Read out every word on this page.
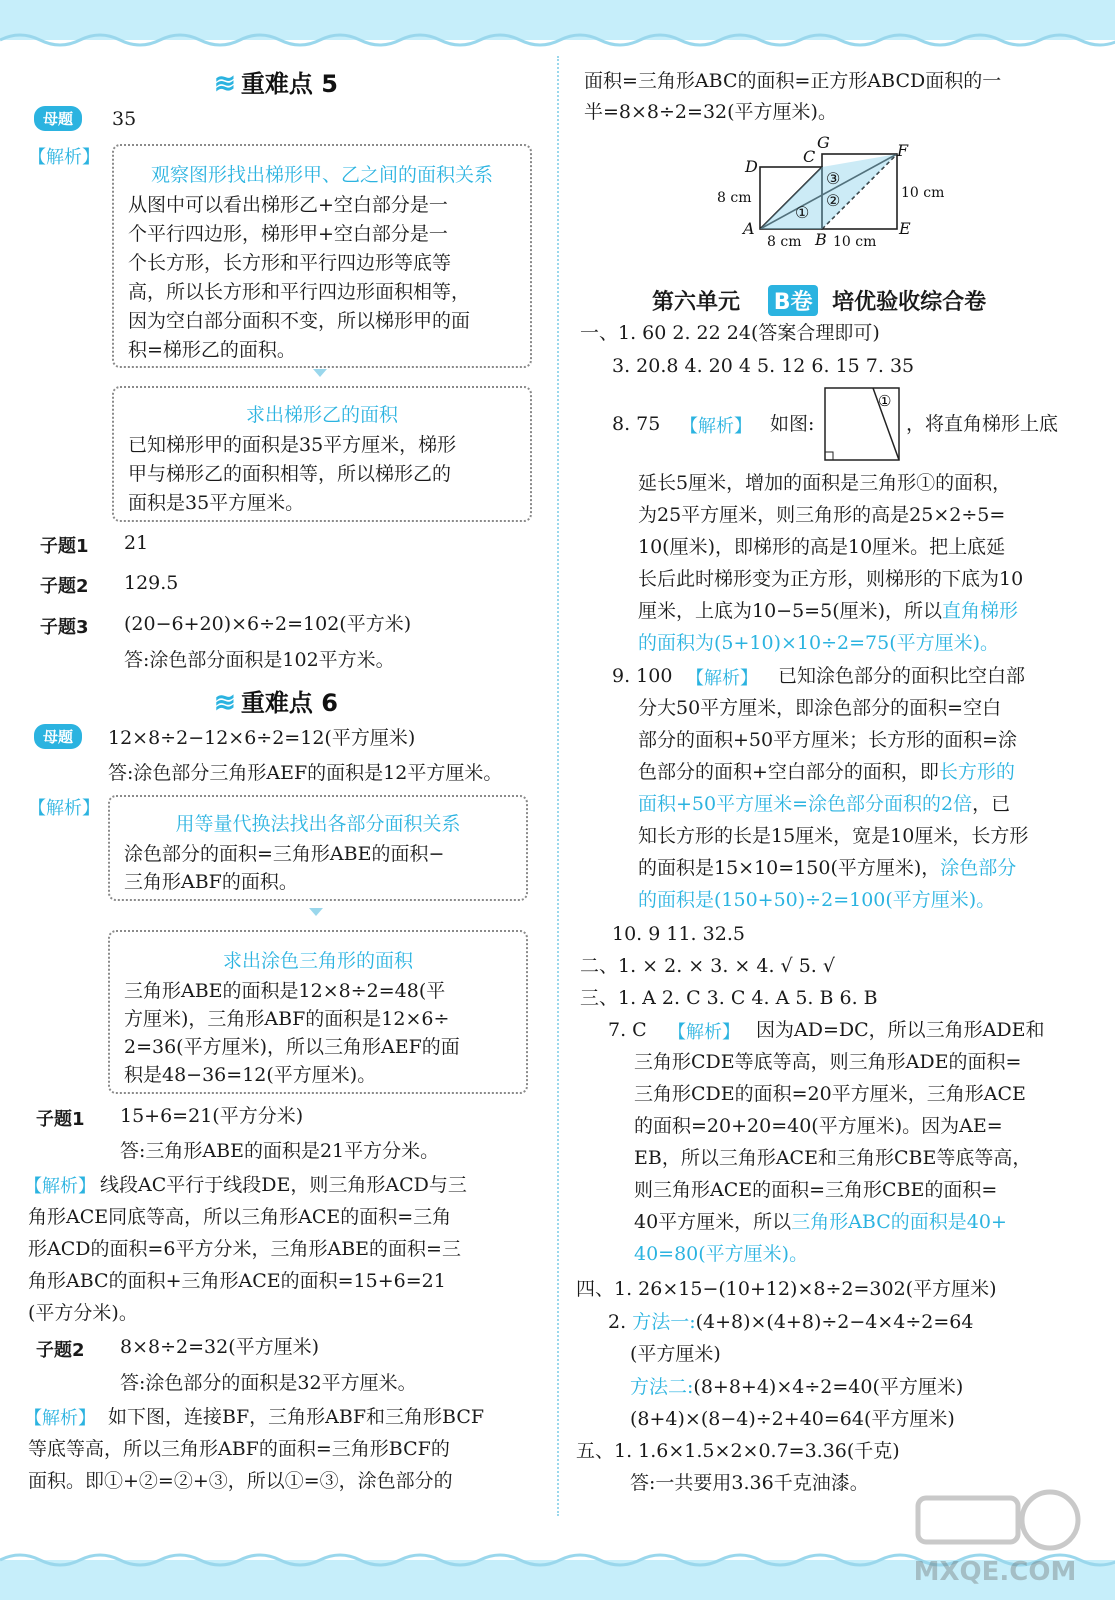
≋ 重难点 5
母题	35
【解析】
观察图形找出梯形甲、乙之间的面积关系
从图中可以看出梯形乙+空白部分是一
个平行四边形，梯形甲+空白部分是一
个长方形，长方形和平行四边形等底等
高，所以长方形和平行四边形面积相等，
因为空白部分面积不变，所以梯形甲的面
积=梯形乙的面积。
求出梯形乙的面积
已知梯形甲的面积是35平方厘米，梯形
甲与梯形乙的面积相等，所以梯形乙的
面积是35平方厘米。
子题1 21
子题2 129.5
子题3 (20−6+20)×6÷2=102(平方米)
答:涂色部分面积是102平方米。
≋ 重难点 6
母题	12×8÷2−12×6÷2=12(平方厘米)
答:涂色部分三角形AEF的面积是12平方厘米。
【解析】
用等量代换法找出各部分面积关系
涂色部分的面积=三角形ABE的面积−
三角形ABF的面积。
求出涂色三角形的面积
三角形ABE的面积是12×8÷2=48(平
方厘米)，三角形ABF的面积是12×6÷
2=36(平方厘米)，所以三角形AEF的面
积是48−36=12(平方厘米)。
子题1 15+6=21(平方分米)
答:三角形ABE的面积是21平方分米。
【解析】 线段AC平行于线段DE，则三角形ACD与三
角形ACE同底等高，所以三角形ACE的面积=三角
形ACD的面积=6平方分米，三角形ABE的面积=三
角形ABC的面积+三角形ACE的面积=15+6=21
(平方分米)。
子题2 8×8÷2=32(平方厘米)
答:涂色部分的面积是32平方厘米。
【解析】 如下图，连接BF，三角形ABF和三角形BCF
等底等高，所以三角形ABF的面积=三角形BCF的
面积。即①+②=②+③，所以①=③，涂色部分的
面积=三角形ABC的面积=正方形ABCD面积的一
半=8×8÷2=32(平方厘米)。
D
C
G	F
A
B
E
8 cm
8 cm
10 cm
10 cm
①
②
③
第六单元 B卷 培优验收综合卷
一、1. 60 2. 22 24(答案合理即可)
3. 20.8 4. 20 4 5. 12 6. 15 7. 35
8. 75 【解析】 如图:
①
，将直角梯形上底
延长5厘米，增加的面积是三角形①的面积，
为25平方厘米，则三角形的高是25×2÷5=
10(厘米)，即梯形的高是10厘米。把上底延
长后此时梯形变为正方形，则梯形的下底为10
厘米，上底为10−5=5(厘米)，所以直角梯形
的面积为(5+10)×10÷2=75(平方厘米)。
9. 100 【解析】 已知涂色部分的面积比空白部
分大50平方厘米，即涂色部分的面积=空白
部分的面积+50平方厘米；长方形的面积=涂
色部分的面积+空白部分的面积，即长方形的
面积+50平方厘米=涂色部分面积的2倍，已
知长方形的长是15厘米，宽是10厘米，长方形
的面积是15×10=150(平方厘米)，涂色部分
的面积是(150+50)÷2=100(平方厘米)。
10. 9 11. 32.5
二、1. × 2. × 3. × 4. √ 5. √
三、1. A 2. C 3. C 4. A 5. B 6. B
7. C 【解析】 因为AD=DC，所以三角形ADE和
三角形CDE等底等高，则三角形ADE的面积=
三角形CDE的面积=20平方厘米，三角形ACE
的面积=20+20=40(平方厘米)。因为AE=
EB，所以三角形ACE和三角形CBE等底等高，
则三角形ACE的面积=三角形CBE的面积=
40平方厘米，所以三角形ABC的面积是40+
40=80(平方厘米)。
四、1. 26×15−(10+12)×8÷2=302(平方厘米)
2. 方法一:(4+8)×(4+8)÷2−4×4÷2=64
(平方厘米)
方法二:(8+8+4)×4÷2=40(平方厘米)
(8+4)×(8−4)÷2+40=64(平方厘米)
五、1. 1.6×1.5×2×0.7=3.36(千克)
答:一共要用3.36千克油漆。
MXQE.COM
